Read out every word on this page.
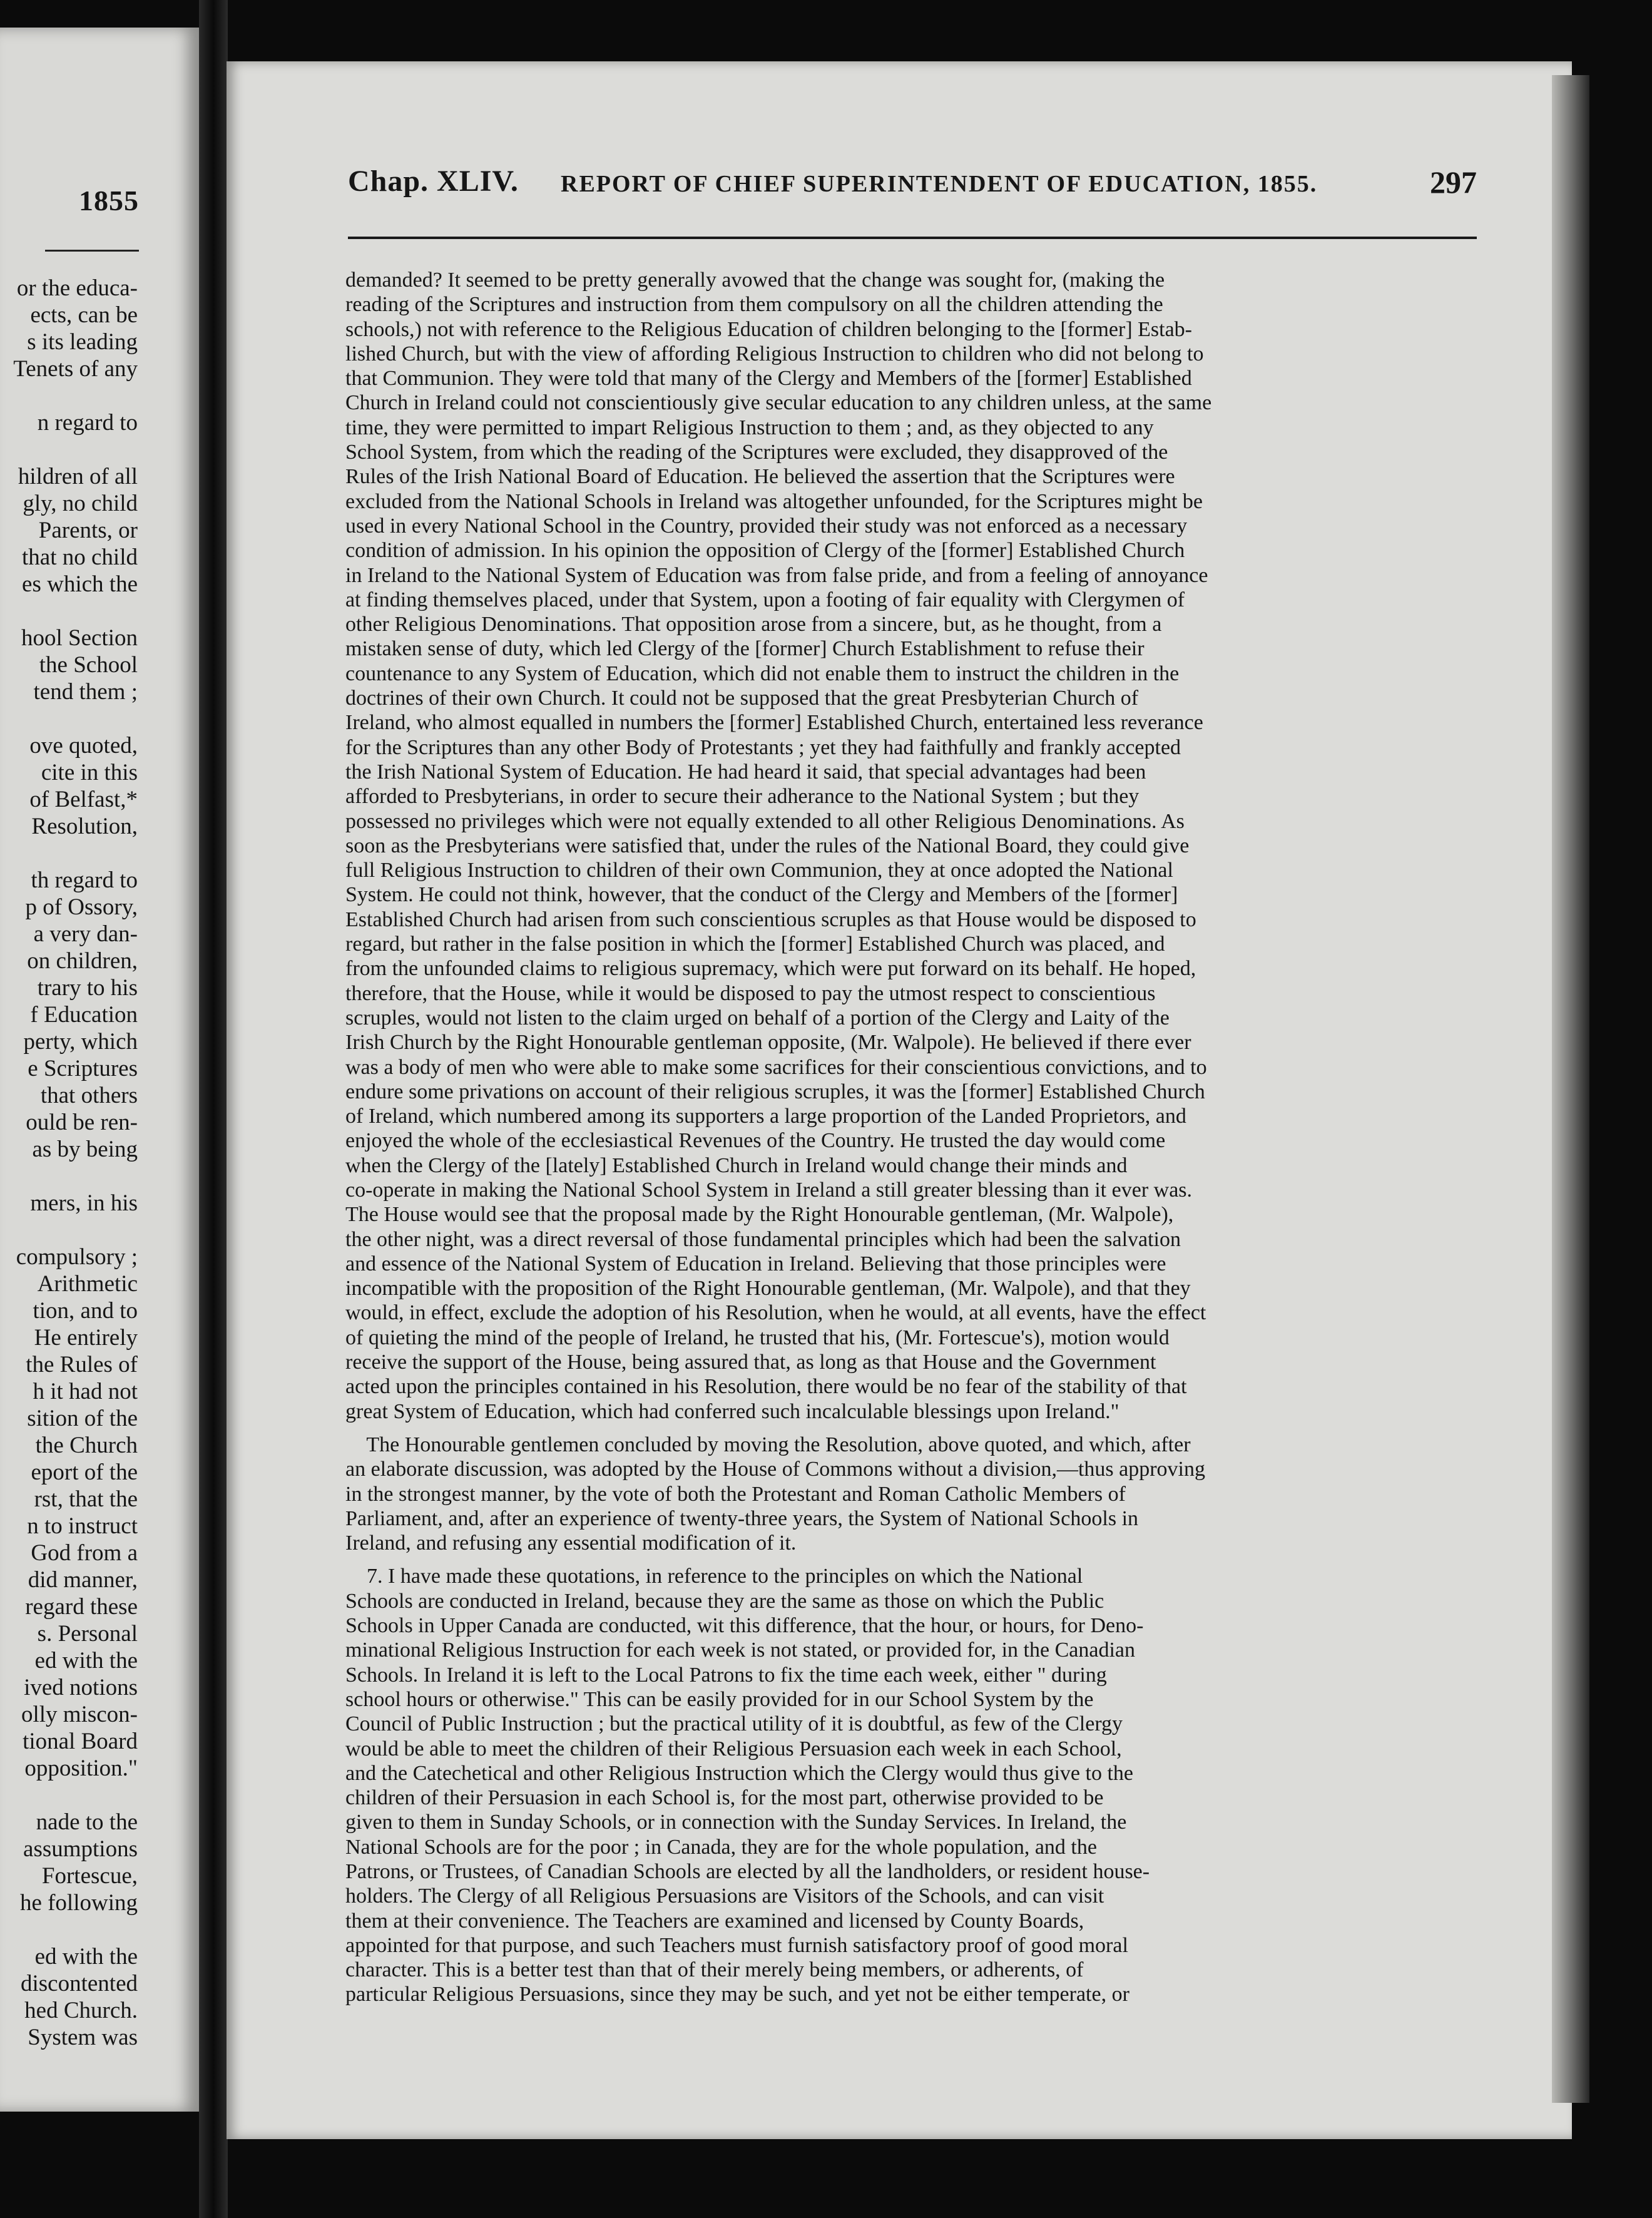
1855
or the educa-
ects, can be
s its leading
Tenets of any

n regard to

hildren of all
gly, no child
Parents, or
that no child
es which the

hool Section
the School
tend them ;

ove quoted,
cite in this
of Belfast,*
Resolution,

th regard to
p of Ossory,
a very dan-
on children,
trary to his
f Education
perty, which
e Scriptures
that others
ould be ren-
as by being

mers, in his

compulsory ;
Arithmetic
tion, and to
He entirely
the Rules of
h it had not
sition of the
the Church
eport of the
rst, that the
n to instruct
God from a
did manner,
regard these
s. Personal
ed with the
ived notions
olly miscon-
tional Board
opposition."

nade to the
assumptions
Fortescue,
he following

ed with the
discontented
hed Church.
System was
Chap. XLIV. REPORT OF CHIEF SUPERINTENDENT OF EDUCATION, 1855.	297
demanded? It seemed to be pretty generally avowed that the change was sought for, (making the
reading of the Scriptures and instruction from them compulsory on all the children attending the
schools,) not with reference to the Religious Education of children belonging to the [former] Estab-
lished Church, but with the view of affording Religious Instruction to children who did not belong to
that Communion. They were told that many of the Clergy and Members of the [former] Established
Church in Ireland could not conscientiously give secular education to any children unless, at the same
time, they were permitted to impart Religious Instruction to them ; and, as they objected to any
School System, from which the reading of the Scriptures were excluded, they disapproved of the
Rules of the Irish National Board of Education. He believed the assertion that the Scriptures were
excluded from the National Schools in Ireland was altogether unfounded, for the Scriptures might be
used in every National School in the Country, provided their study was not enforced as a necessary
condition of admission. In his opinion the opposition of Clergy of the [former] Established Church
in Ireland to the National System of Education was from false pride, and from a feeling of annoyance
at finding themselves placed, under that System, upon a footing of fair equality with Clergymen of
other Religious Denominations. That opposition arose from a sincere, but, as he thought, from a
mistaken sense of duty, which led Clergy of the [former] Church Establishment to refuse their
countenance to any System of Education, which did not enable them to instruct the children in the
doctrines of their own Church. It could not be supposed that the great Presbyterian Church of
Ireland, who almost equalled in numbers the [former] Established Church, entertained less reverance
for the Scriptures than any other Body of Protestants ; yet they had faithfully and frankly accepted
the Irish National System of Education. He had heard it said, that special advantages had been
afforded to Presbyterians, in order to secure their adherance to the National System ; but they
possessed no privileges which were not equally extended to all other Religious Denominations. As
soon as the Presbyterians were satisfied that, under the rules of the National Board, they could give
full Religious Instruction to children of their own Communion, they at once adopted the National
System. He could not think, however, that the conduct of the Clergy and Members of the [former]
Established Church had arisen from such conscientious scruples as that House would be disposed to
regard, but rather in the false position in which the [former] Established Church was placed, and
from the unfounded claims to religious supremacy, which were put forward on its behalf. He hoped,
therefore, that the House, while it would be disposed to pay the utmost respect to conscientious
scruples, would not listen to the claim urged on behalf of a portion of the Clergy and Laity of the
Irish Church by the Right Honourable gentleman opposite, (Mr. Walpole). He believed if there ever
was a body of men who were able to make some sacrifices for their conscientious convictions, and to
endure some privations on account of their religious scruples, it was the [former] Established Church
of Ireland, which numbered among its supporters a large proportion of the Landed Proprietors, and
enjoyed the whole of the ecclesiastical Revenues of the Country. He trusted the day would come
when the Clergy of the [lately] Established Church in Ireland would change their minds and
co-operate in making the National School System in Ireland a still greater blessing than it ever was.
The House would see that the proposal made by the Right Honourable gentleman, (Mr. Walpole),
the other night, was a direct reversal of those fundamental principles which had been the salvation
and essence of the National System of Education in Ireland. Believing that those principles were
incompatible with the proposition of the Right Honourable gentleman, (Mr. Walpole), and that they
would, in effect, exclude the adoption of his Resolution, when he would, at all events, have the effect
of quieting the mind of the people of Ireland, he trusted that his, (Mr. Fortescue's), motion would
receive the support of the House, being assured that, as long as that House and the Government
acted upon the principles contained in his Resolution, there would be no fear of the stability of that
great System of Education, which had conferred such incalculable blessings upon Ireland."
The Honourable gentlemen concluded by moving the Resolution, above quoted, and which, after
an elaborate discussion, was adopted by the House of Commons without a division,—thus approving
in the strongest manner, by the vote of both the Protestant and Roman Catholic Members of
Parliament, and, after an experience of twenty-three years, the System of National Schools in
Ireland, and refusing any essential modification of it.
7. I have made these quotations, in reference to the principles on which the National
Schools are conducted in Ireland, because they are the same as those on which the Public
Schools in Upper Canada are conducted, wit this difference, that the hour, or hours, for Deno-
minational Religious Instruction for each week is not stated, or provided for, in the Canadian
Schools. In Ireland it is left to the Local Patrons to fix the time each week, either " during
school hours or otherwise." This can be easily provided for in our School System by the
Council of Public Instruction ; but the practical utility of it is doubtful, as few of the Clergy
would be able to meet the children of their Religious Persuasion each week in each School,
and the Catechetical and other Religious Instruction which the Clergy would thus give to the
children of their Persuasion in each School is, for the most part, otherwise provided to be
given to them in Sunday Schools, or in connection with the Sunday Services. In Ireland, the
National Schools are for the poor ; in Canada, they are for the whole population, and the
Patrons, or Trustees, of Canadian Schools are elected by all the landholders, or resident house-
holders. The Clergy of all Religious Persuasions are Visitors of the Schools, and can visit
them at their convenience. The Teachers are examined and licensed by County Boards,
appointed for that purpose, and such Teachers must furnish satisfactory proof of good moral
character. This is a better test than that of their merely being members, or adherents, of
particular Religious Persuasions, since they may be such, and yet not be either temperate, or
